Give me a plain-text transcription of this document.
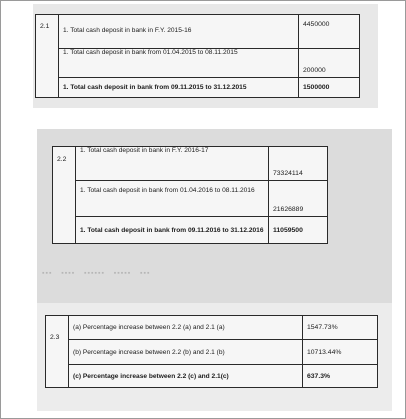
▪▪▪   ▪▪▪▪   ▪▪▪▪▪▪   ▪▪▪▪▪   ▪▪▪
2.1	1. Total cash deposit in bank in F.Y. 2015-16	4450000
	1. Total cash deposit in bank from 01.04.2015 to 08.11.2015	200000
	1. Total cash deposit in bank from 09.11.2015 to 31.12.2015	1500000
2.2	1. Total cash deposit in bank in F.Y. 2016-17	73324114
	1. Total cash deposit in bank from 01.04.2016 to 08.11.2016	21626889
	1. Total cash deposit in bank from 09.11.2016 to 31.12.2016	11059500
2.3	(a) Percentage increase between 2.2 (a) and 2.1 (a)	1547.73%
	(b) Percentage increase between 2.2 (b) and 2.1 (b)	10713.44%
	(c) Percentage increase between 2.2 (c) and 2.1(c)	637.3%
